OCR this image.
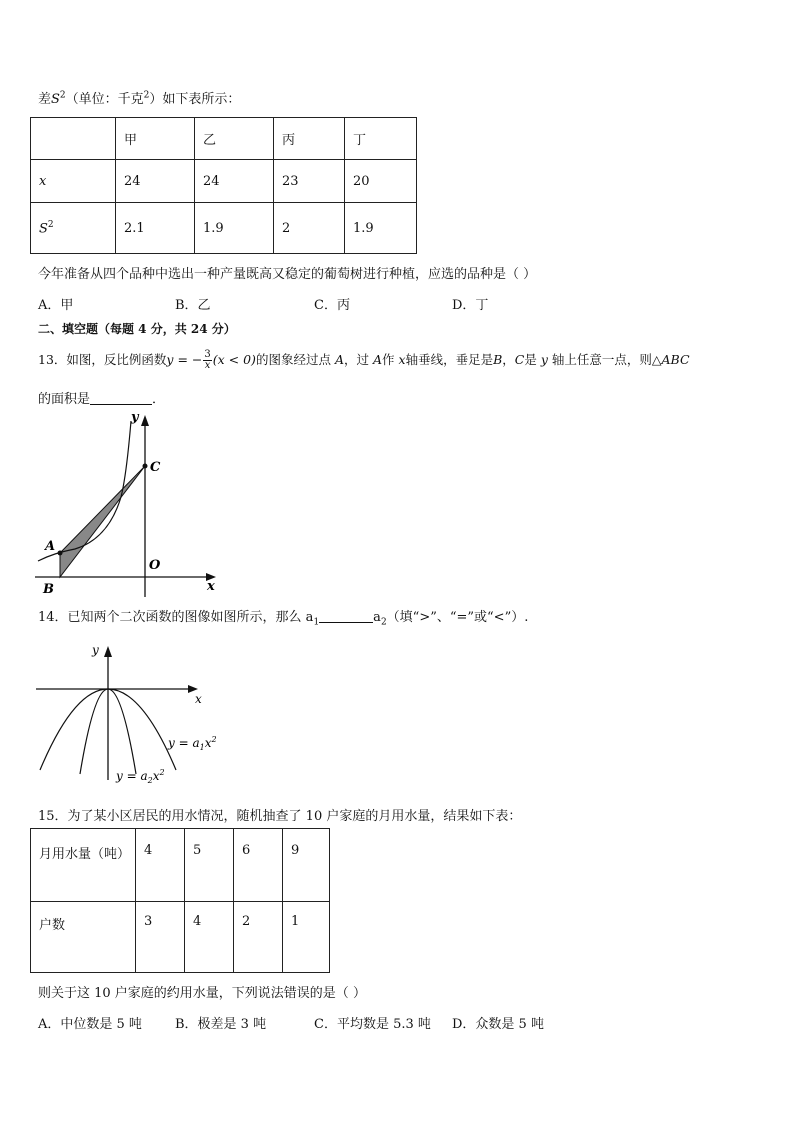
差$S^2$（单位：千克$^2$）如下表所示：
	甲	乙	丙	丁
x	24	24	23	20
$S^2$	2.1	1.9	2	1.9
今年准备从四个品种中选出一种产量既高又稳定的葡萄树进行种植，应选的品种是（ ）
A．甲	B．乙	C．丙	D．丁
二、填空题（每题 4 分，共 24 分）
13．如图，反比例函数y = − $\frac{3}{x} (x < 0)$的图象经过点 A，过 A作 x轴垂线，垂足是B，C是 y 轴上任意一点，则△ABC
的面积是	．
y
x
C
O
A
B
14．已知两个二次函数的图像如图所示，那么 $a_1$	$a_2$（填“>”、“=”或“<”）.
y
x
$y = a_1x^2$
$y = a_2x^2$
15．为了某小区居民的用水情况，随机抽查了 10 户家庭的月用水量，结果如下表：
月用水量（吨）	4	5	6	9
户数	3	4	2	1
则关于这 10 户家庭的约用水量，下列说法错误的是（ ）
A．中位数是 5 吨	B．极差是 3 吨	C．平均数是 5.3 吨 D．众数是 5 吨
